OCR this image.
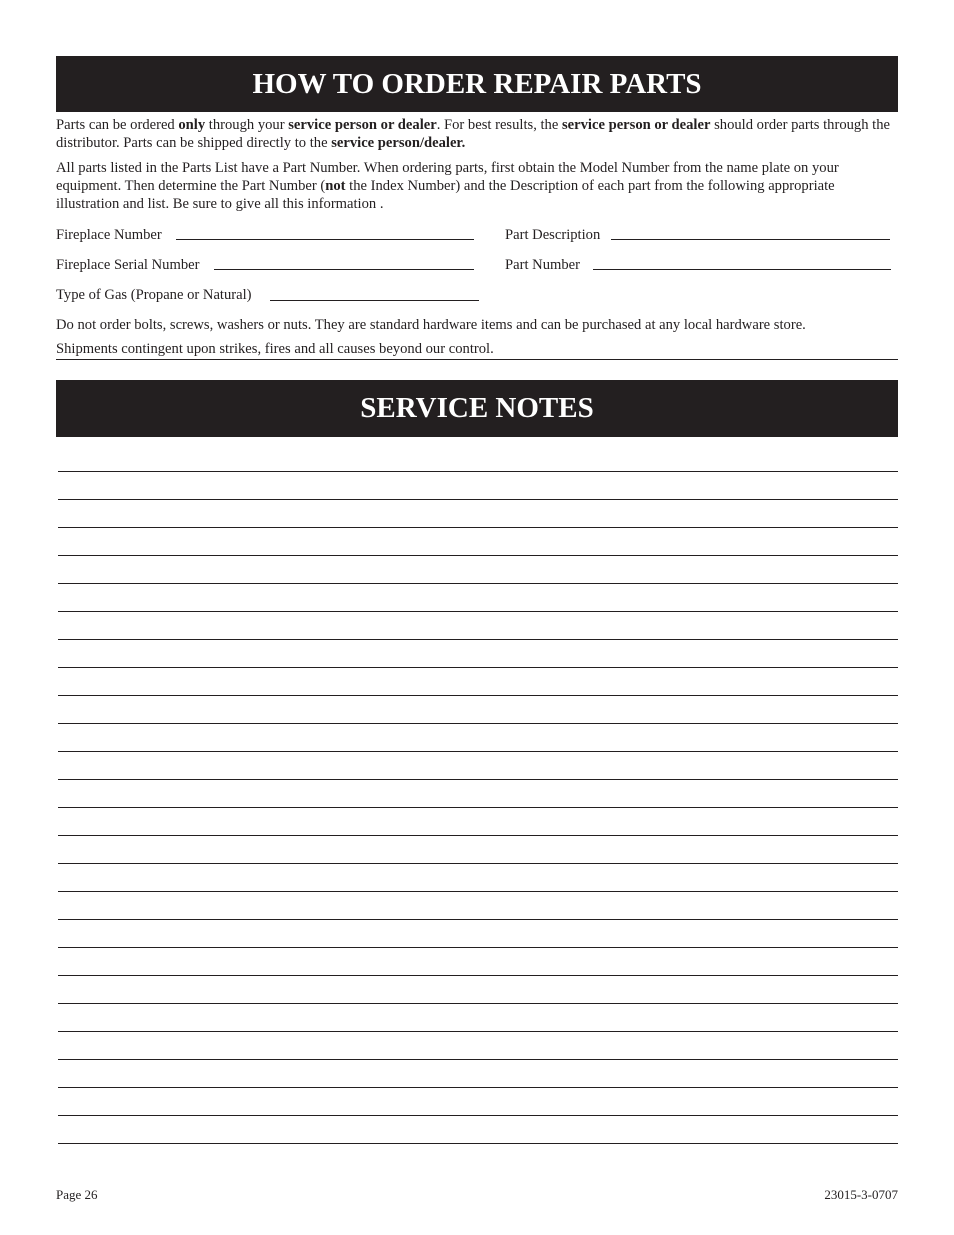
HOW TO ORDER REPAIR PARTS

Parts can be ordered only through your service person or dealer. For best results, the service person or dealer should order parts through the distributor. Parts can be shipped directly to the service person/dealer.

All parts listed in the Parts List have a Part Number. When ordering parts, first obtain the Model Number from the name plate on your equipment. Then determine the Part Number (not the Index Number) and the Description of each part from the following appropriate illustration and list. Be sure to give all this information .

Fireplace Number	Part Description
Fireplace Serial Number	Part Number
Type of Gas (Propane or Natural)

Do not order bolts, screws, washers or nuts. They are standard hardware items and can be purchased at any local hardware store.

Shipments contingent upon strikes, fires and all causes beyond our control.

SERVICE NOTES
Page 26	23015-3-0707
